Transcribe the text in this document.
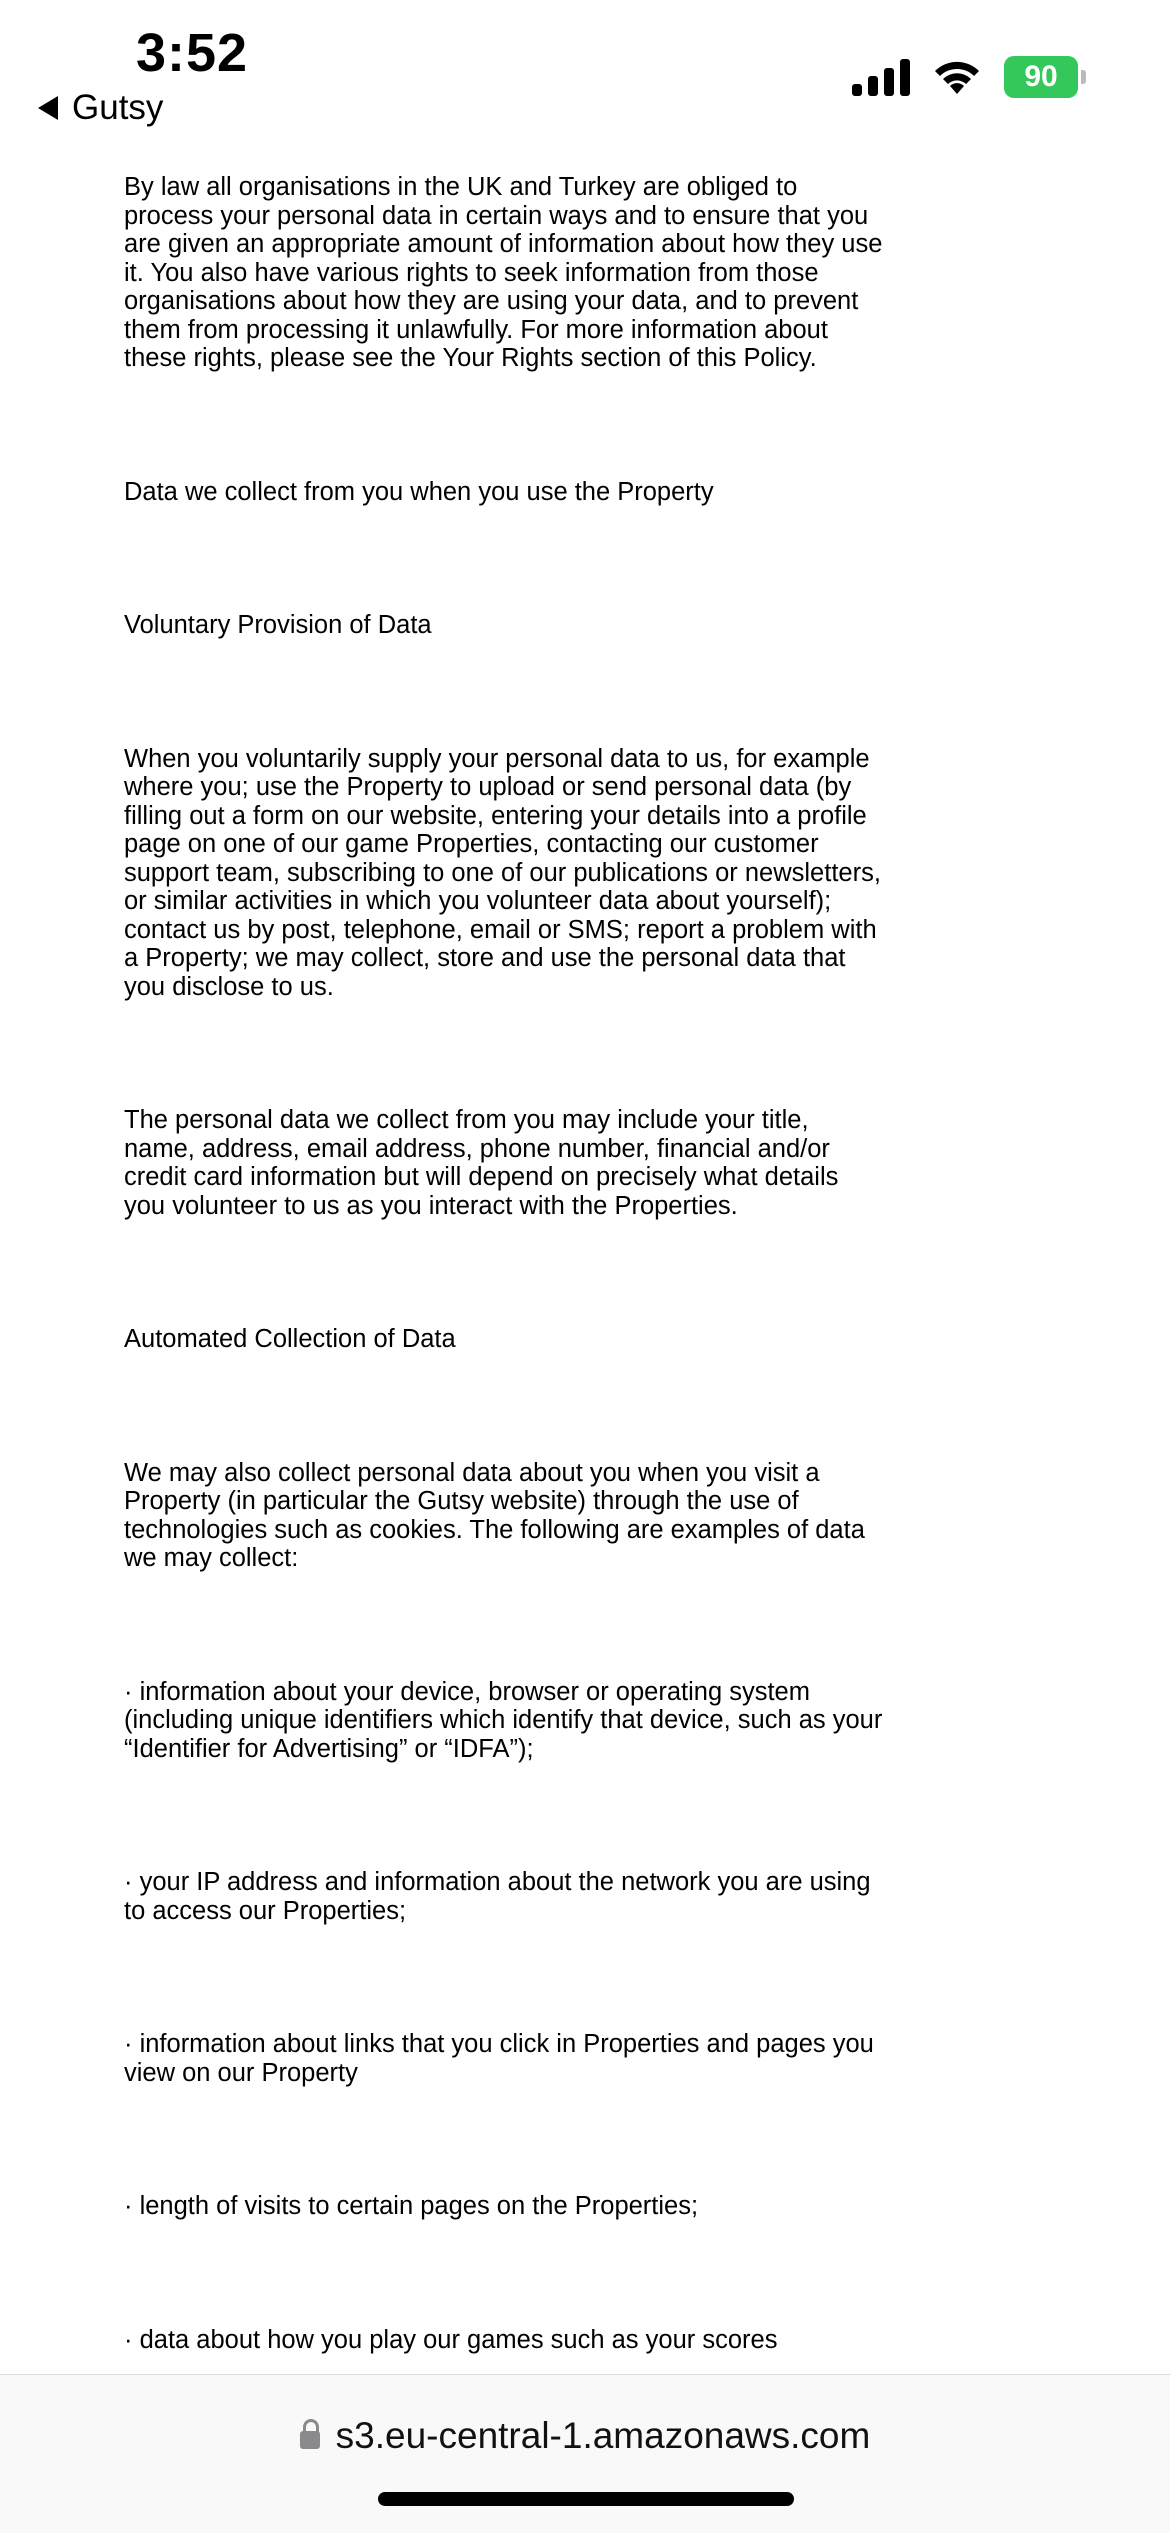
3:52
Gutsy
90

By law all organisations in the UK and Turkey are obliged to process your personal data in certain ways and to ensure that you are given an appropriate amount of information about how they use it. You also have various rights to seek information from those organisations about how they are using your data, and to prevent them from processing it unlawfully. For more information about these rights, please see the Your Rights section of this Policy.

Data we collect from you when you use the Property

Voluntary Provision of Data

When you voluntarily supply your personal data to us, for example where you; use the Property to upload or send personal data (by filling out a form on our website, entering your details into a profile page on one of our game Properties, contacting our customer support team, subscribing to one of our publications or newsletters, or similar activities in which you volunteer data about yourself); contact us by post, telephone, email or SMS; report a problem with a Property; we may collect, store and use the personal data that you disclose to us.

The personal data we collect from you may include your title, name, address, email address, phone number, financial and/or credit card information but will depend on precisely what details you volunteer to us as you interact with the Properties.

Automated Collection of Data

We may also collect personal data about you when you visit a Property (in particular the Gutsy website) through the use of technologies such as cookies. The following are examples of data we may collect:

· information about your device, browser or operating system (including unique identifiers which identify that device, such as your “Identifier for Advertising” or “IDFA”);

· your IP address and information about the network you are using to access our Properties;

· information about links that you click in Properties and pages you view on our Property

· length of visits to certain pages on the Properties;

· data about how you play our games such as your scores

s3.eu-central-1.amazonaws.com
